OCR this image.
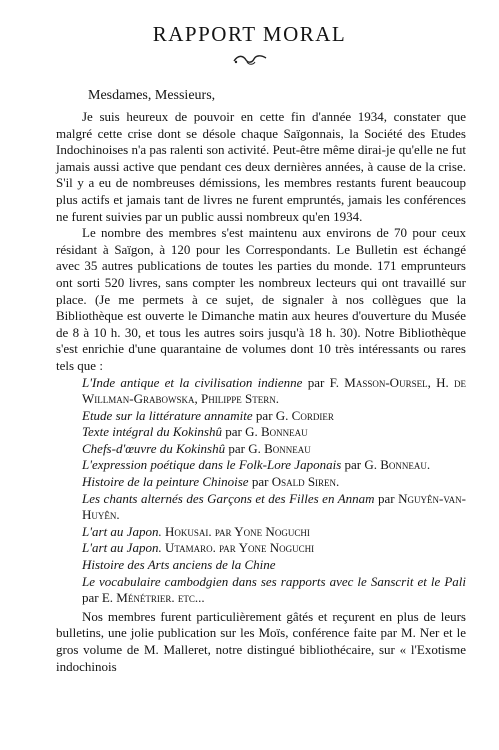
RAPPORT MORAL
Mesdames, Messieurs,

Je suis heureux de pouvoir en cette fin d'année 1934, constater que malgré cette crise dont se désole chaque Saïgonnais, la Société des Etudes Indochinoises n'a pas ralenti son activité. Peut-être même dirai-je qu'elle ne fut jamais aussi active que pendant ces deux dernières années, à cause de la crise. S'il y a eu de nombreuses démissions, les membres restants furent beaucoup plus actifs et jamais tant de livres ne furent empruntés, jamais les conférences ne furent suivies par un public aussi nombreux qu'en 1934.

Le nombre des membres s'est maintenu aux environs de 70 pour ceux résidant à Saïgon, à 120 pour les Correspondants. Le Bulletin est échangé avec 35 autres publications de toutes les parties du monde. 171 emprunteurs ont sorti 520 livres, sans compter les nombreux lecteurs qui ont travaillé sur place. (Je me permets à ce sujet, de signaler à nos collègues que la Bibliothèque est ouverte le Dimanche matin aux heures d'ouverture du Musée de 8 à 10 h. 30, et tous les autres soirs jusqu'à 18 h. 30). Notre Bibliothèque s'est enrichie d'une quarantaine de volumes dont 10 très intéressants ou rares tels que :

L'Inde antique et la civilisation indienne par F. Masson-Oursel, H. de Willman-Grabowska, Philippe Stern.
Etude sur la littérature annamite par G. Cordier
Texte intégral du Kokinshû par G. Bonneau
Chefs-d'œuvre du Kokinshû par G. Bonneau
L'expression poétique dans le Folk-Lore Japonais par G. Bonneau.
Histoire de la peinture Chinoise par Osald Siren.
Les chants alternés des Garçons et des Filles en Annam par Nguyên-van-Huyên.
L'art au Japon. Hokusai. par Yone Noguchi
L'art au Japon. Utamaro. par Yone Noguchi
Histoire des Arts anciens de la Chine
Le vocabulaire cambodgien dans ses rapports avec le Sanscrit et le Pali par E. Ménétrier. etc...

Nos membres furent particulièrement gâtés et reçurent en plus de leurs bulletins, une jolie publication sur les Moïs, conférence faite par M. Ner et le gros volume de M. Malleret, notre distingué bibliothécaire, sur « l'Exotisme indochinois
